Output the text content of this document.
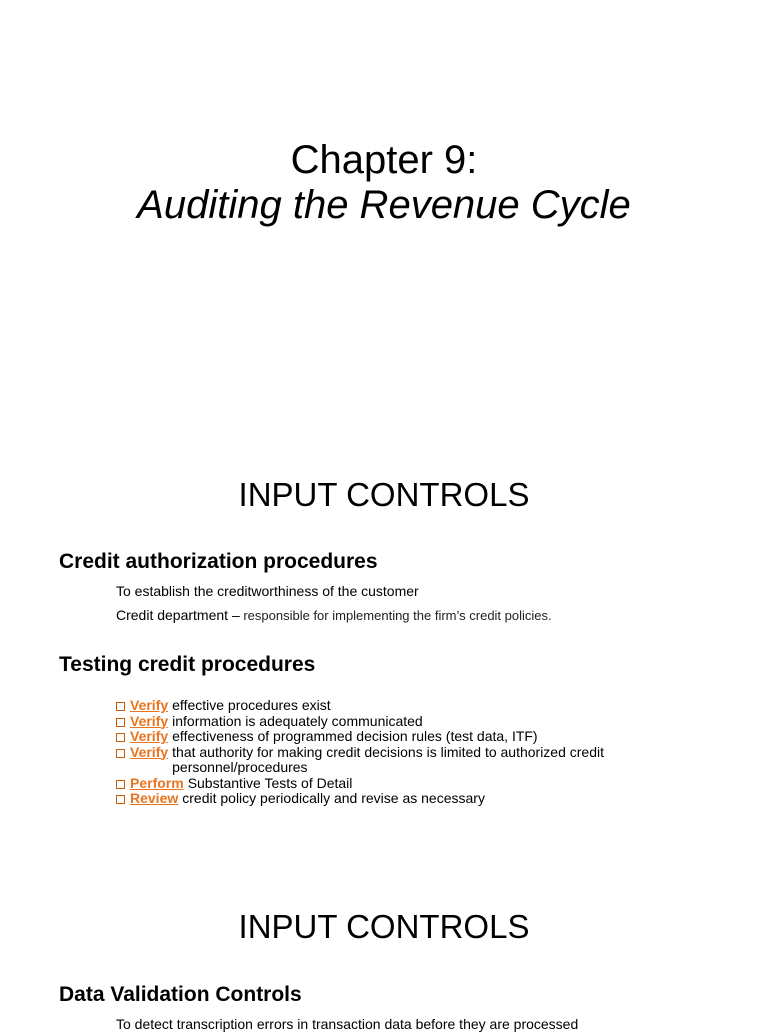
Chapter 9:
Auditing the Revenue Cycle
INPUT CONTROLS
Credit authorization procedures
To establish the creditworthiness of the customer
Credit department – responsible for implementing the firm’s credit policies.
Testing credit procedures
Verify effective procedures exist
Verify information is adequately communicated
Verify effectiveness of programmed decision rules (test data, ITF)
Verify that authority for making credit decisions is limited to authorized credit personnel/procedures
Perform Substantive Tests of Detail
Review credit policy periodically and revise as necessary
INPUT CONTROLS
Data Validation Controls
To detect transcription errors in transaction data before they are processed
